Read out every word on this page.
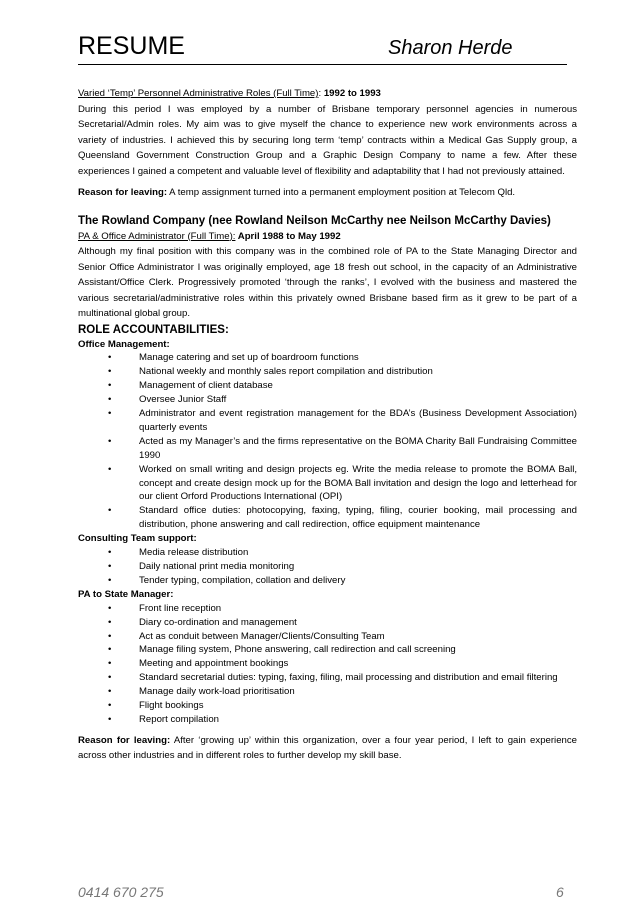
RESUME	Sharon Herde

Varied ‘Temp’ Personnel Administrative Roles (Full Time): 1992 to 1993

During this period I was employed by a number of Brisbane temporary personnel agencies in numerous Secretarial/Admin roles. My aim was to give myself the chance to experience new work environments across a variety of industries. I achieved this by securing long term ‘temp’ contracts within a Medical Gas Supply group, a Queensland Government Construction Group and a Graphic Design Company to name a few. After these experiences I gained a competent and valuable level of flexibility and adaptability that I had not previously attained.

Reason for leaving: A temp assignment turned into a permanent employment position at Telecom Qld.

The Rowland Company (nee Rowland Neilson McCarthy nee Neilson McCarthy Davies)

PA & Office Administrator (Full Time): April 1988 to May 1992

Although my final position with this company was in the combined role of PA to the State Managing Director and Senior Office Administrator I was originally employed, age 18 fresh out school, in the capacity of an Administrative Assistant/Office Clerk. Progressively promoted ‘through the ranks’, I evolved with the business and mastered the various secretarial/administrative roles within this privately owned Brisbane based firm as it grew to be part of a multinational global group.

ROLE ACCOUNTABILITIES:

Office Management:

•	Manage catering and set up of boardroom functions
•	National weekly and monthly sales report compilation and distribution
•	Management of client database
•	Oversee Junior Staff
•	Administrator and event registration management for the BDA’s (Business Development Association) quarterly events
•	Acted as my Manager’s and the firms representative on the BOMA Charity Ball Fundraising Committee 1990
•	Worked on small writing and design projects eg. Write the media release to promote the BOMA Ball, concept and create design mock up for the BOMA Ball invitation and design the logo and letterhead for our client Orford Productions International (OPI)
•	Standard office duties: photocopying, faxing, typing, filing, courier booking, mail processing and distribution, phone answering and call redirection, office equipment maintenance

Consulting Team support:

•	Media release distribution
•	Daily national print media monitoring
•	Tender typing, compilation, collation and delivery

PA to State Manager:

•	Front line reception
•	Diary co-ordination and management
•	Act as conduit between Manager/Clients/Consulting Team
•	Manage filing system, Phone answering, call redirection and call screening
•	Meeting and appointment bookings
•	Standard secretarial duties: typing, faxing, filing, mail processing and distribution and email filtering
•	Manage daily work-load prioritisation
•	Flight bookings
•	Report compilation

Reason for leaving: After ‘growing up’ within this organization, over a four year period, I left to gain experience across other industries and in different roles to further develop my skill base.

0414 670 275	6
